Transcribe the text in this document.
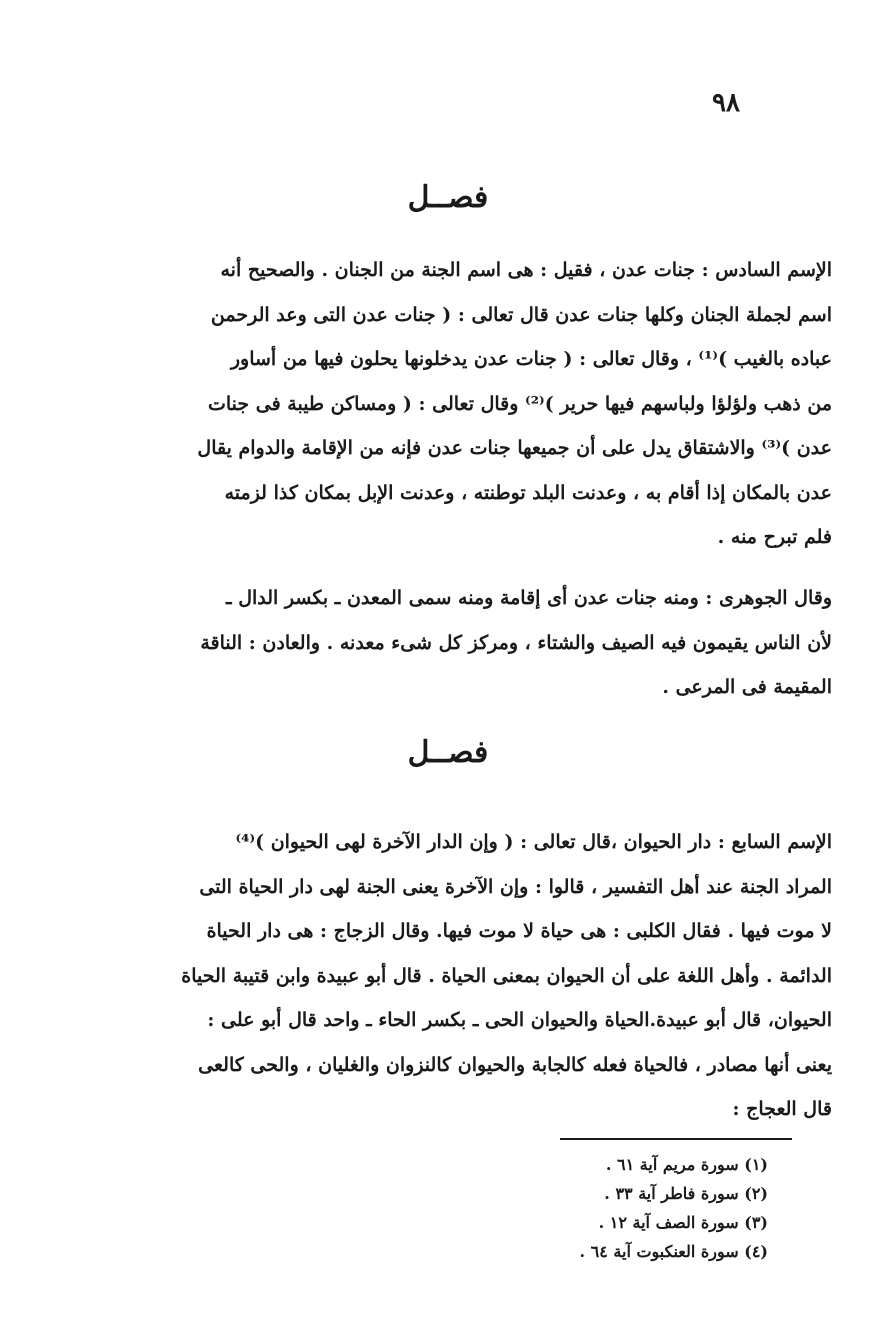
٩٨
فصــل
الإسم السادس : جنات عدن ، فقيل : هى اسم الجنة من الجنان . والصحيح أنه
اسم لجملة الجنان وكلها جنات عدن قال تعالى : ( جنات عدن التى وعد الرحمن
عباده بالغيب )⁽¹⁾ ، وقال تعالى : ( جنات عدن يدخلونها يحلون فيها من أساور
من ذهب ولؤلؤا ولباسهم فيها حرير )⁽²⁾ وقال تعالى : ( ومساكن طيبة فى جنات
عدن )⁽³⁾ والاشتقاق يدل على أن جميعها جنات عدن فإنه من الإقامة والدوام يقال
عدن بالمكان إذا أقام به ، وعدنت البلد توطنته ، وعدنت الإبل بمكان كذا لزمته
فلم تبرح منه .
وقال الجوهرى : ومنه جنات عدن أى إقامة ومنه سمى المعدن ـ بكسر الدال ـ
لأن الناس يقيمون فيه الصيف والشتاء ، ومركز كل شىء معدنه . والعادن : الناقة
المقيمة فى المرعى .
فصــل
الإسم السابع : دار الحيوان ،قال تعالى : ( وإن الدار الآخرة لهى الحيوان )⁽⁴⁾
المراد الجنة عند أهل التفسير ، قالوا : وإن الآخرة يعنى الجنة لهى دار الحياة التى
لا موت فيها . فقال الكلبى : هى حياة لا موت فيها. وقال الزجاج : هى دار الحياة
الدائمة . وأهل اللغة على أن الحيوان بمعنى الحياة . قال أبو عبيدة وابن قتيبة الحياة
الحيوان، قال أبو عبيدة.الحياة والحيوان الحى ـ بكسر الحاء ـ واحد قال أبو على :
يعنى أنها مصادر ، فالحياة فعله كالجابة والحيوان كالنزوان والغليان ، والحى كالعى
قال العجاج :
(١) سورة مريم آية ٦١ .
(٢) سورة فاطر آية ٣٣ .
(٣) سورة الصف آية ١٢ .
(٤) سورة العنكبوت آية ٦٤ .
